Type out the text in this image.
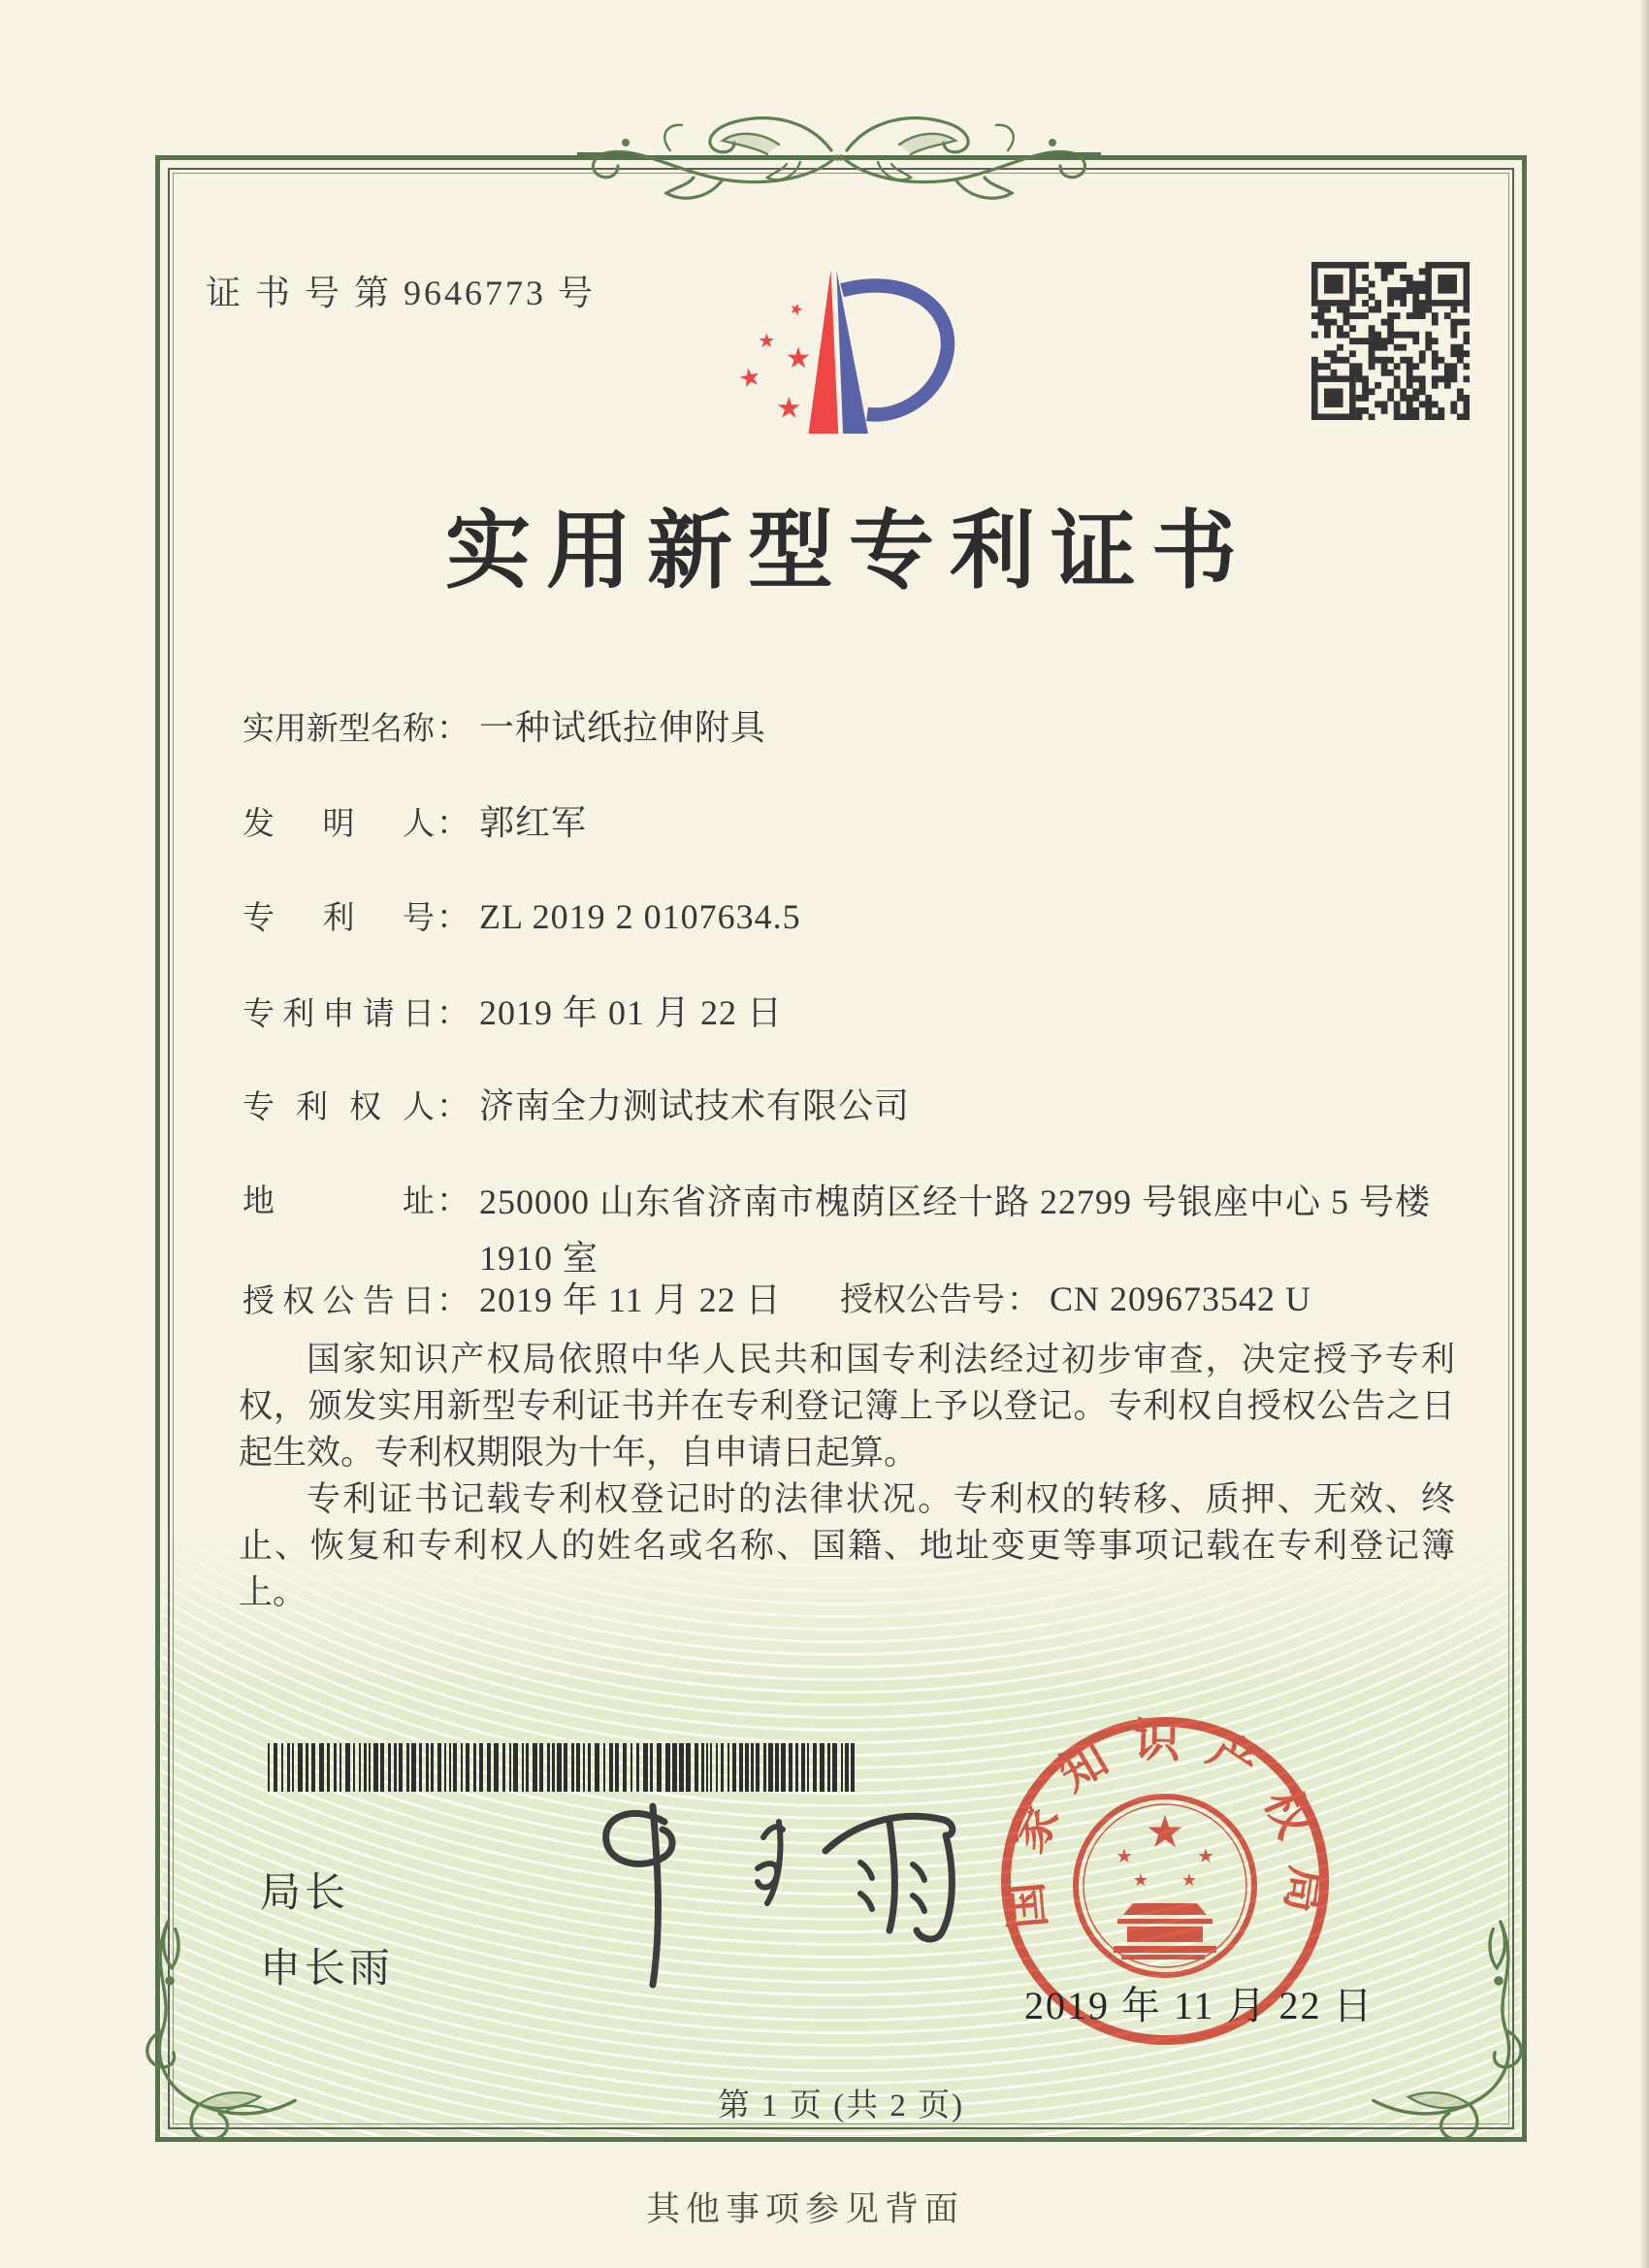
证 书 号 第 9646773 号	★
★
★
★
★
实用新型专利证书
实用新型名称： 一种试纸拉伸附具
发明人： 郭红军
专利号： ZL 2019 2 0107634.5
专利申请日： 2019 年 01 月 22 日
专利权人： 济南全力测试技术有限公司
地址： 250000 山东省济南市槐荫区经十路 22799 号银座中心 5 号楼 1910 室
授权公告日： 2019 年 11 月 22 日 授权公告号： CN 209673542 U

国家知识产权局依照中华人民共和国专利法经过初步审查，决定授予专利权，颁发实用新型专利证书并在专利登记簿上予以登记。专利权自授权公告之日起生效。专利权期限为十年，自申请日起算。

专利证书记载专利权登记时的法律状况。专利权的转移、质押、无效、终止、恢复和专利权人的姓名或名称、国籍、地址变更等事项记载在专利登记簿上。

局长
申长雨
国家知识产权局
★
★	★
★ ★
2019 年 11 月 22 日
第 1 页 (共 2 页)
其他事项参见背面
